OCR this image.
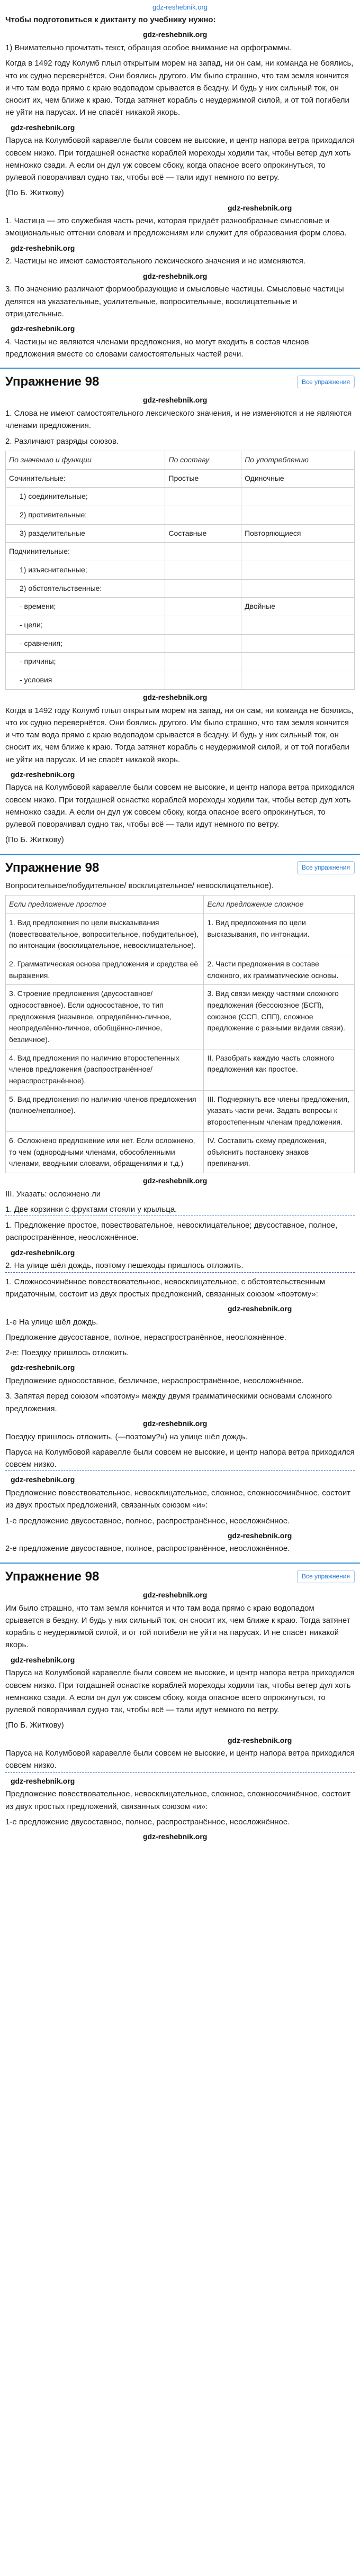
gdz-reshebnik.org

Чтобы подготовиться к диктанту по учебнику нужно:

gdz-reshebnik.org

1) Внимательно прочитать текст, обращая особое внимание на орфограммы.

Когда в 1492 году Колумб плыл открытым морем на запад, ни он сам, ни команда не боялись, что их судно перевернётся. Они боялись другого. Им было страшно, что там земля кончится и что там вода прямо с краю водопадом срывается в бездну. И будь у них сильный ток, он сносит их, чем ближе к краю. Тогда затянет корабль с неудержимой силой, и от той погибели не уйти на парусах. И не спасёт никакой якорь.

gdz-reshebnik.org

Паруса на Колумбовой каравелле были совсем не высокие, и центр напора ветра приходился совсем низко. При тогдашней оснастке кораблей мореходы ходили так, чтобы ветер дул хоть немножко сзади. А если он дул уж совсем сбоку, когда опасное всего опрокинуться, то рулевой поворачивал судно так, чтобы всё — тали идут немного по ветру.

(По Б. Житкову)

gdz-reshebnik.org

1. Частица — это служебная часть речи, которая придаёт разнообразные смысловые и эмоциональные оттенки словам и предложениям или служит для образования форм слова.

gdz-reshebnik.org

2. Частицы не имеют самостоятельного лексического значения и не изменяются.

gdz-reshebnik.org

3. По значению различают формообразующие и смысловые частицы. Смысловые частицы делятся на указательные, усилительные, вопросительные, восклицательные и отрицательные.

gdz-reshebnik.org

4. Частицы не являются членами предложения, но могут входить в состав членов предложения вместе со словами самостоятельных частей речи.

Упражнение 98	Все упражнения
gdz-reshebnik.org

1. Слова не имеют самостоятельного лексического значения, и не изменяются и не являются членами предложения.

2. Различают разряды союзов.

По значению и функции	По составу	По употреблению
Сочинительные:	Простые	Одиночные
1) соединительные;		
2) противительные;		
3) разделительные	Составные	Повторяющиеся
Подчинительные:		
1) изъяснительные;		
2) обстоятельственные:		
- времени;		Двойные
- цели;		
- сравнения;		
- причины;		
- условия		
gdz-reshebnik.org

Когда в 1492 году Колумб плыл открытым морем на запад, ни он сам, ни команда не боялись, что их судно перевернётся. Они боялись другого. Им было страшно, что там земля кончится и что там вода прямо с краю водопадом срывается в бездну. И будь у них сильный ток, он сносит их, чем ближе к краю. Тогда затянет корабль с неудержимой силой, и от той погибели не уйти на парусах. И не спасёт никакой якорь.

gdz-reshebnik.org

Паруса на Колумбовой каравелле были совсем не высокие, и центр напора ветра приходился совсем низко. При тогдашней оснастке кораблей мореходы ходили так, чтобы ветер дул хоть немножко сзади. А если он дул уж совсем сбоку, когда опасное всего опрокинуться, то рулевой поворачивал судно так, чтобы всё — тали идут немного по ветру.

(По Б. Житкову)

Упражнение 98	Все упражнения

Вопросительное/побудительное/ восклицательное/ невосклицательное).

Если предложение простое	Если предложение сложное
1. Вид предложения по цели высказывания (повествовательное, вопросительное, побудительное), по интонации (восклицательное, невосклицательное).	1. Вид предложения по цели высказывания, по интонации.
2. Грамматическая основа предложения и средства её выражения.	2. Части предложения в составе сложного, их грамматические основы.
3. Строение предложения (двусоставное/односоставное). Если односоставное, то тип предложения (назывное, определённо-личное, неопределённо-личное, обобщённо-личное, безличное).	3. Вид связи между частями сложного предложения (бессоюзное (БСП), союзное (ССП, СПП), сложное предложение с разными видами связи).
4. Вид предложения по наличию второстепенных членов предложения (распространённое/нераспространённое).	II. Разобрать каждую часть сложного предложения как простое.
5. Вид предложения по наличию членов предложения (полное/неполное).	III. Подчеркнуть все члены предложения, указать части речи. Задать вопросы к второстепенным членам предложения.
6. Осложнено предложение или нет. Если осложнено, то чем (однородными членами, обособленными членами, вводными словами, обращениями и т.д.)	IV. Составить схему предложения, объяснить постановку знаков препинания.
gdz-reshebnik.org

III. Указать: осложнено ли

1. Две корзинки с фруктами стояли у крыльца.

1. Предложение простое, повествовательное, невосклицательное; двусоставное, полное, распространённое, неосложнённое.

gdz-reshebnik.org

2. На улице шёл дождь, поэтому пешеходы пришлось отложить.

1. Сложносочинённое повествовательное, невосклицательное, с обстоятельственным придаточным, состоит из двух простых предложений, связанных союзом «поэтому»:

gdz-reshebnik.org

1-е На улице шёл дождь.

Предложение двусоставное, полное, нераспространённое, неосложнённое.

2-е: Поездку пришлось отложить.

gdz-reshebnik.org

Предложение односоставное, безличное, нераспространённое, неосложнённое.

3. Запятая перед союзом «поэтому» между двумя грамматическими основами сложного предложения.

gdz-reshebnik.org

Поездку пришлось отложить, (—поэтому?н) на улице шёл дождь.

Паруса на Колумбовой каравелле были совсем не высокие, и центр напора ветра приходился совсем низко.

gdz-reshebnik.org

Предложение повествовательное, невосклицательное, сложное, сложносочинённое, состоит из двух простых предложений, связанных союзом «и»:

1-е предложение двусоставное, полное, распространённое, неосложнённое.

gdz-reshebnik.org

2-е предложение двусоставное, полное, распространённое, неосложнённое.

Упражнение 98	Все упражнения
gdz-reshebnik.org

Им было страшно, что там земля кончится и что там вода прямо с краю водопадом срывается в бездну. И будь у них сильный ток, он сносит их, чем ближе к краю. Тогда затянет корабль с неудержимой силой, и от той погибели не уйти на парусах. И не спасёт никакой якорь.

gdz-reshebnik.org

Паруса на Колумбовой каравелле были совсем не высокие, и центр напора ветра приходился совсем низко. При тогдашней оснастке кораблей мореходы ходили так, чтобы ветер дул хоть немножко сзади. А если он дул уж совсем сбоку, когда опасное всего опрокинуться, то рулевой поворачивал судно так, чтобы всё — тали идут немного по ветру.

(По Б. Житкову)

gdz-reshebnik.org

Паруса на Колумбовой каравелле были совсем не высокие, и центр напора ветра приходился совсем низко.

gdz-reshebnik.org

Предложение повествовательное, невосклицательное, сложное, сложносочинённое, состоит из двух простых предложений, связанных союзом «и»:

1-е предложение двусоставное, полное, распространённое, неосложнённое.

gdz-reshebnik.org
